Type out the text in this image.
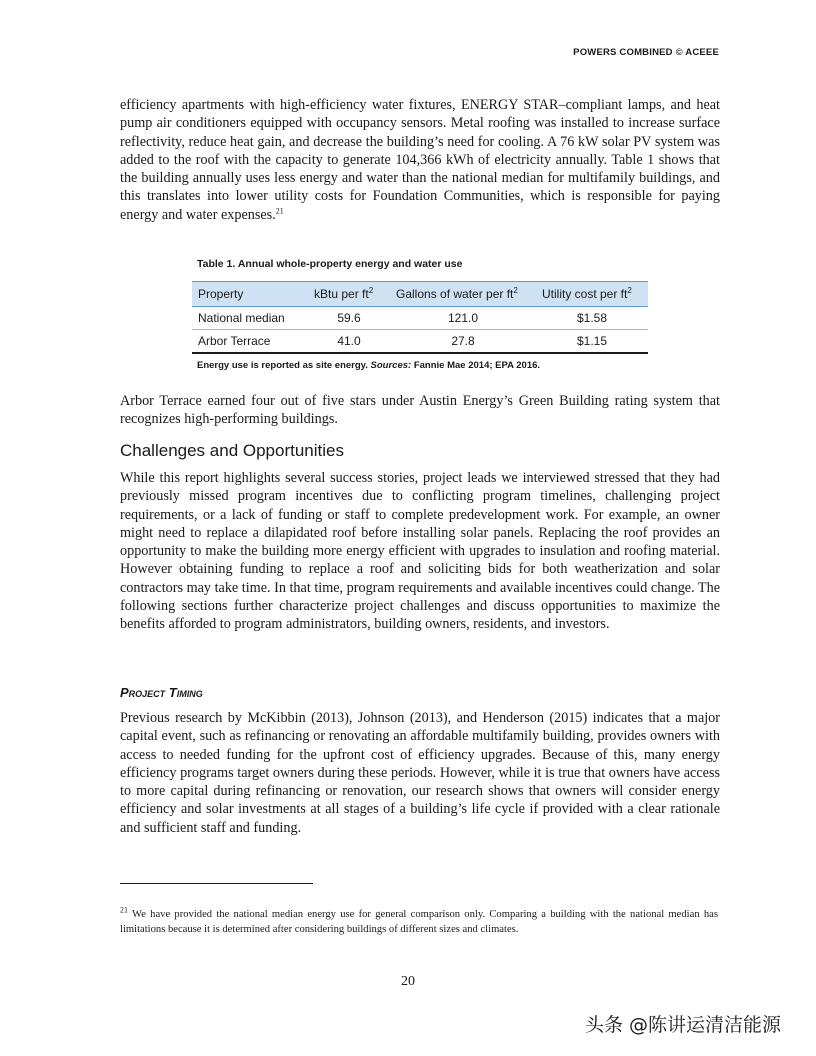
POWERS COMBINED © ACEEE

efficiency apartments with high-efficiency water fixtures, ENERGY STAR–compliant lamps, and heat pump air conditioners equipped with occupancy sensors. Metal roofing was installed to increase surface reflectivity, reduce heat gain, and decrease the building’s need for cooling. A 76 kW solar PV system was added to the roof with the capacity to generate 104,366 kWh of electricity annually. Table 1 shows that the building annually uses less energy and water than the national median for multifamily buildings, and this translates into lower utility costs for Foundation Communities, which is responsible for paying energy and water expenses.$^{21}$

Table 1. Annual whole-property energy and water use
Property	kBtu per $ft^2$	Gallons of water per $ft^2$	Utility cost per $ft^2$
National median	59.6	121.0	$1.58
Arbor Terrace	41.0	27.8	$1.15
Energy use is reported as site energy. Sources: Fannie Mae 2014; EPA 2016.

Arbor Terrace earned four out of five stars under Austin Energy’s Green Building rating system that recognizes high-performing buildings.

Challenges and Opportunities

While this report highlights several success stories, project leads we interviewed stressed that they had previously missed program incentives due to conflicting program timelines, challenging project requirements, or a lack of funding or staff to complete predevelopment work. For example, an owner might need to replace a dilapidated roof before installing solar panels. Replacing the roof provides an opportunity to make the building more energy efficient with upgrades to insulation and roofing material. However obtaining funding to replace a roof and soliciting bids for both weatherization and solar contractors may take time. In that time, program requirements and available incentives could change. The following sections further characterize project challenges and discuss opportunities to maximize the benefits afforded to program administrators, building owners, residents, and investors.

Project Timing

Previous research by McKibbin (2013), Johnson (2013), and Henderson (2015) indicates that a major capital event, such as refinancing or renovating an affordable multifamily building, provides owners with access to needed funding for the upfront cost of efficiency upgrades. Because of this, many energy efficiency programs target owners during these periods. However, while it is true that owners have access to more capital during refinancing or renovation, our research shows that owners will consider energy efficiency and solar investments at all stages of a building’s life cycle if provided with a clear rationale and sufficient staff and funding.

$^{21}$ We have provided the national median energy use for general comparison only. Comparing a building with the national median has limitations because it is determined after considering buildings of different sizes and climates.

20
头条 @陈讲运清洁能源
